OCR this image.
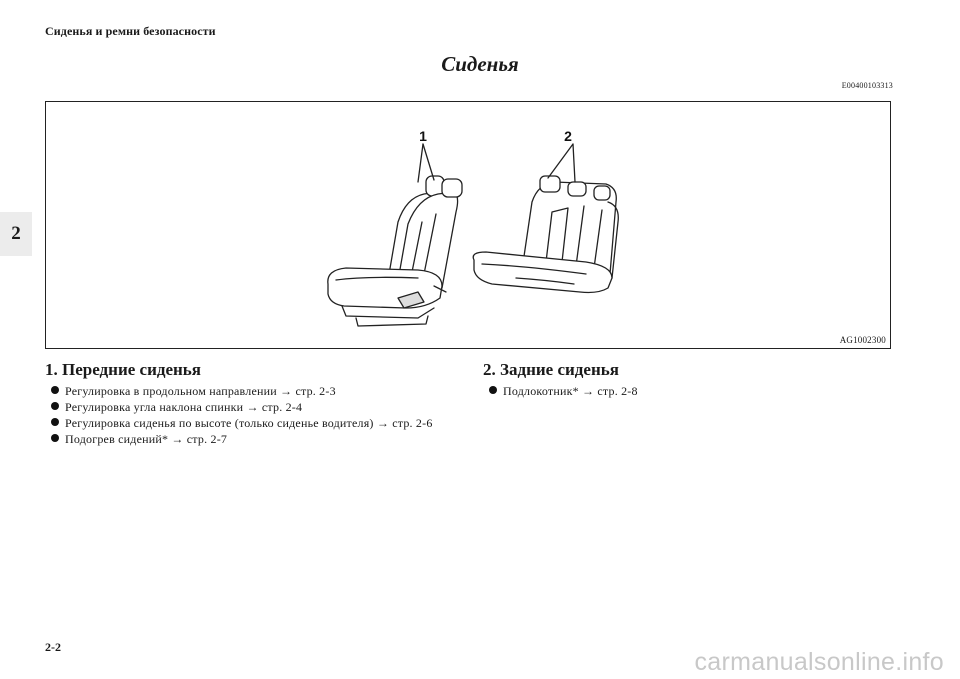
Сиденья и ремни безопасности
2
Сиденья
E00400103313
1	2
AG1002300
1. Передние сиденья
Регулировка в продольном направлении → стр. 2-3
Регулировка угла наклона спинки → стр. 2-4
Регулировка сиденья по высоте (только сиденье водителя) → стр. 2-6
Подогрев сидений* → стр. 2-7
2. Задние сиденья
Подлокотник* → стр. 2-8
2-2
carmanualsonline.info
